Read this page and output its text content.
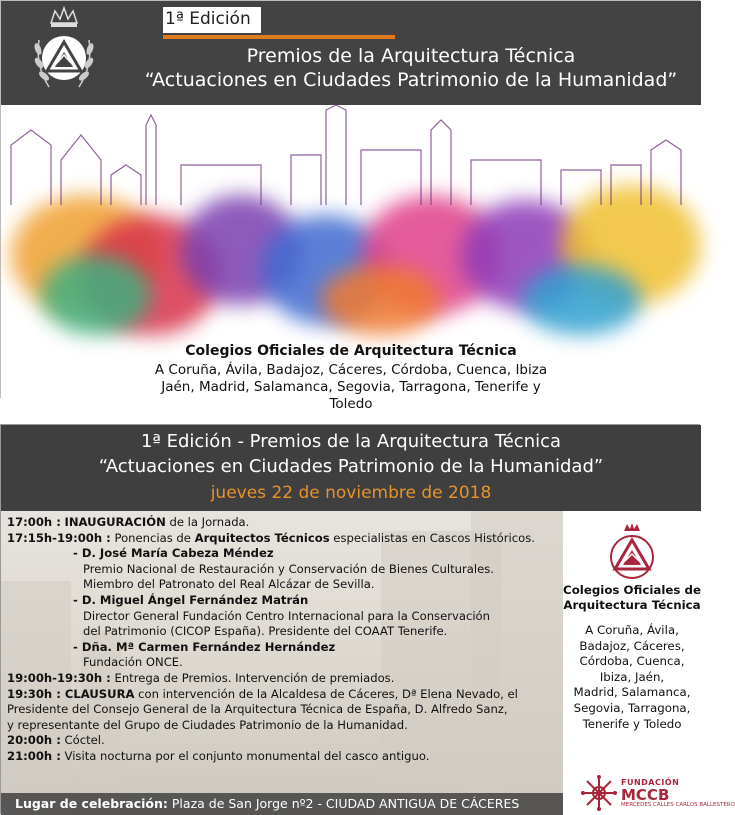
1ª Edición
Premios de la Arquitectura Técnica
“Actuaciones en Ciudades Patrimonio de la Humanidad”
Colegios Oficiales de Arquitectura Técnica
A Coruña, Ávila, Badajoz, Cáceres, Córdoba, Cuenca, Ibiza
Jaén, Madrid, Salamanca, Segovia, Tarragona, Tenerife y Toledo
1ª Edición - Premios de la Arquitectura Técnica
“Actuaciones en Ciudades Patrimonio de la Humanidad”
jueves 22 de noviembre de 2018
17:00h : INAUGURACIÓN de la Jornada.
17:15h-19:00h : Ponencias de Arquitectos Técnicos especialistas en Cascos Históricos.
- D. José María Cabeza Méndez
Premio Nacional de Restauración y Conservación de Bienes Culturales.
Miembro del Patronato del Real Alcázar de Sevilla.
- D. Miguel Ángel Fernández Matrán
Director General Fundación Centro Internacional para la Conservación
del Patrimonio (CICOP España). Presidente del COAAT Tenerife.
- Dña. Mª Carmen Fernández Hernández
Fundación ONCE.
19:00h-19:30h : Entrega de Premios. Intervención de premiados.
19:30h : CLAUSURA con intervención de la Alcaldesa de Cáceres, Dª Elena Nevado, el
Presidente del Consejo General de la Arquitectura Técnica de España, D. Alfredo Sanz,
y representante del Grupo de Ciudades Patrimonio de la Humanidad.
20:00h : Cóctel.
21:00h : Visita nocturna por el conjunto monumental del casco antiguo.
Lugar de celebración: Plaza de San Jorge nº2 - CIUDAD ANTIGUA DE CÁCERES
Colegios Oficiales de
Arquitectura Técnica
A Coruña, Ávila,
Badajoz, Cáceres,
Córdoba, Cuenca,
Ibiza, Jaén,
Madrid, Salamanca,
Segovia, Tarragona,
Tenerife y Toledo
FUNDACIÓN
MCCB
MERCEDES CALLES CARLOS BALLESTERO
